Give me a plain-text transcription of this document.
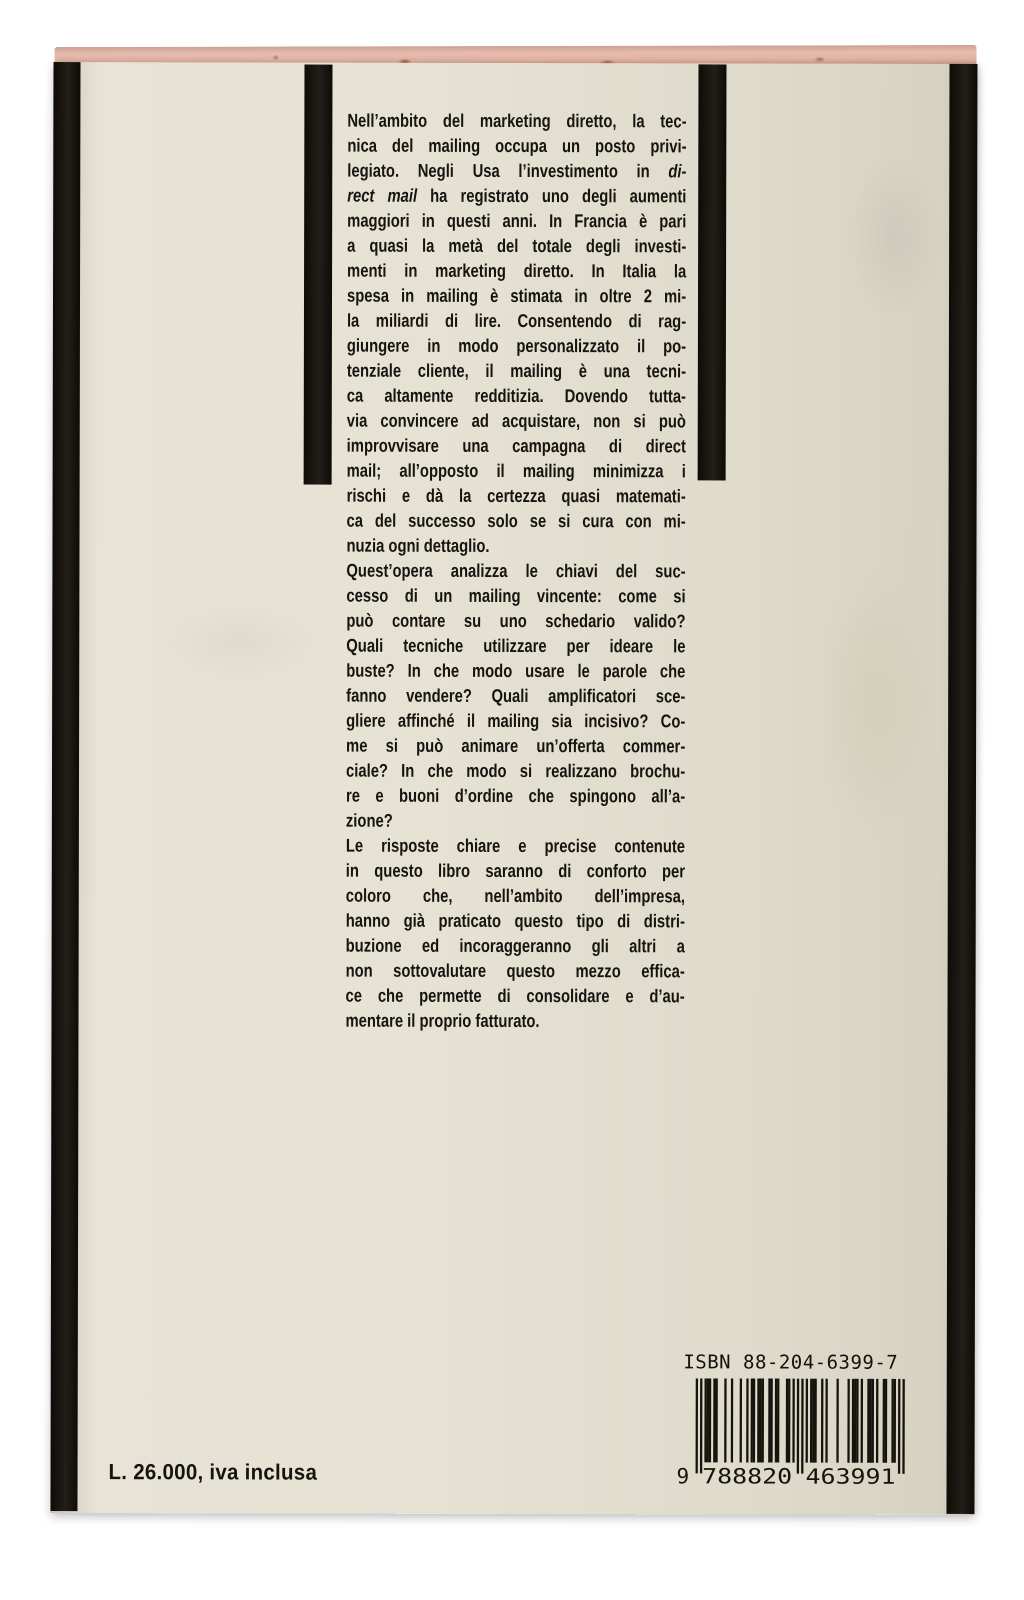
Nell’ambito del marketing diretto, la tec-
nica del mailing occupa un posto privi-
legiato. Negli Usa l’investimento in di-
rect mail ha registrato uno degli aumenti
maggiori in questi anni. In Francia è pari
a quasi la metà del totale degli investi-
menti in marketing diretto. In Italia la
spesa in mailing è stimata in oltre 2 mi-
la miliardi di lire. Consentendo di rag-
giungere in modo personalizzato il po-
tenziale cliente, il mailing è una tecni-
ca altamente redditizia. Dovendo tutta-
via convincere ad acquistare, non si può
improvvisare una campagna di direct
mail; all’opposto il mailing minimizza i
rischi e dà la certezza quasi matemati-
ca del successo solo se si cura con mi-
nuzia ogni dettaglio.
Quest’opera analizza le chiavi del suc-
cesso di un mailing vincente: come si
può contare su uno schedario valido?
Quali tecniche utilizzare per ideare le
buste? In che modo usare le parole che
fanno vendere? Quali amplificatori sce-
gliere affinché il mailing sia incisivo? Co-
me si può animare un’offerta commer-
ciale? In che modo si realizzano brochu-
re e buoni d’ordine che spingono all’a-
zione?
Le risposte chiare e precise contenute
in questo libro saranno di conforto per
coloro che, nell’ambito dell’impresa,
hanno già praticato questo tipo di distri-
buzione ed incoraggeranno gli altri a
non sottovalutare questo mezzo effica-
ce che permette di consolidare e d’au-
mentare il proprio fatturato.
L. 26.000, iva inclusa
ISBN 88-204-6399-7
9 788820	463991
